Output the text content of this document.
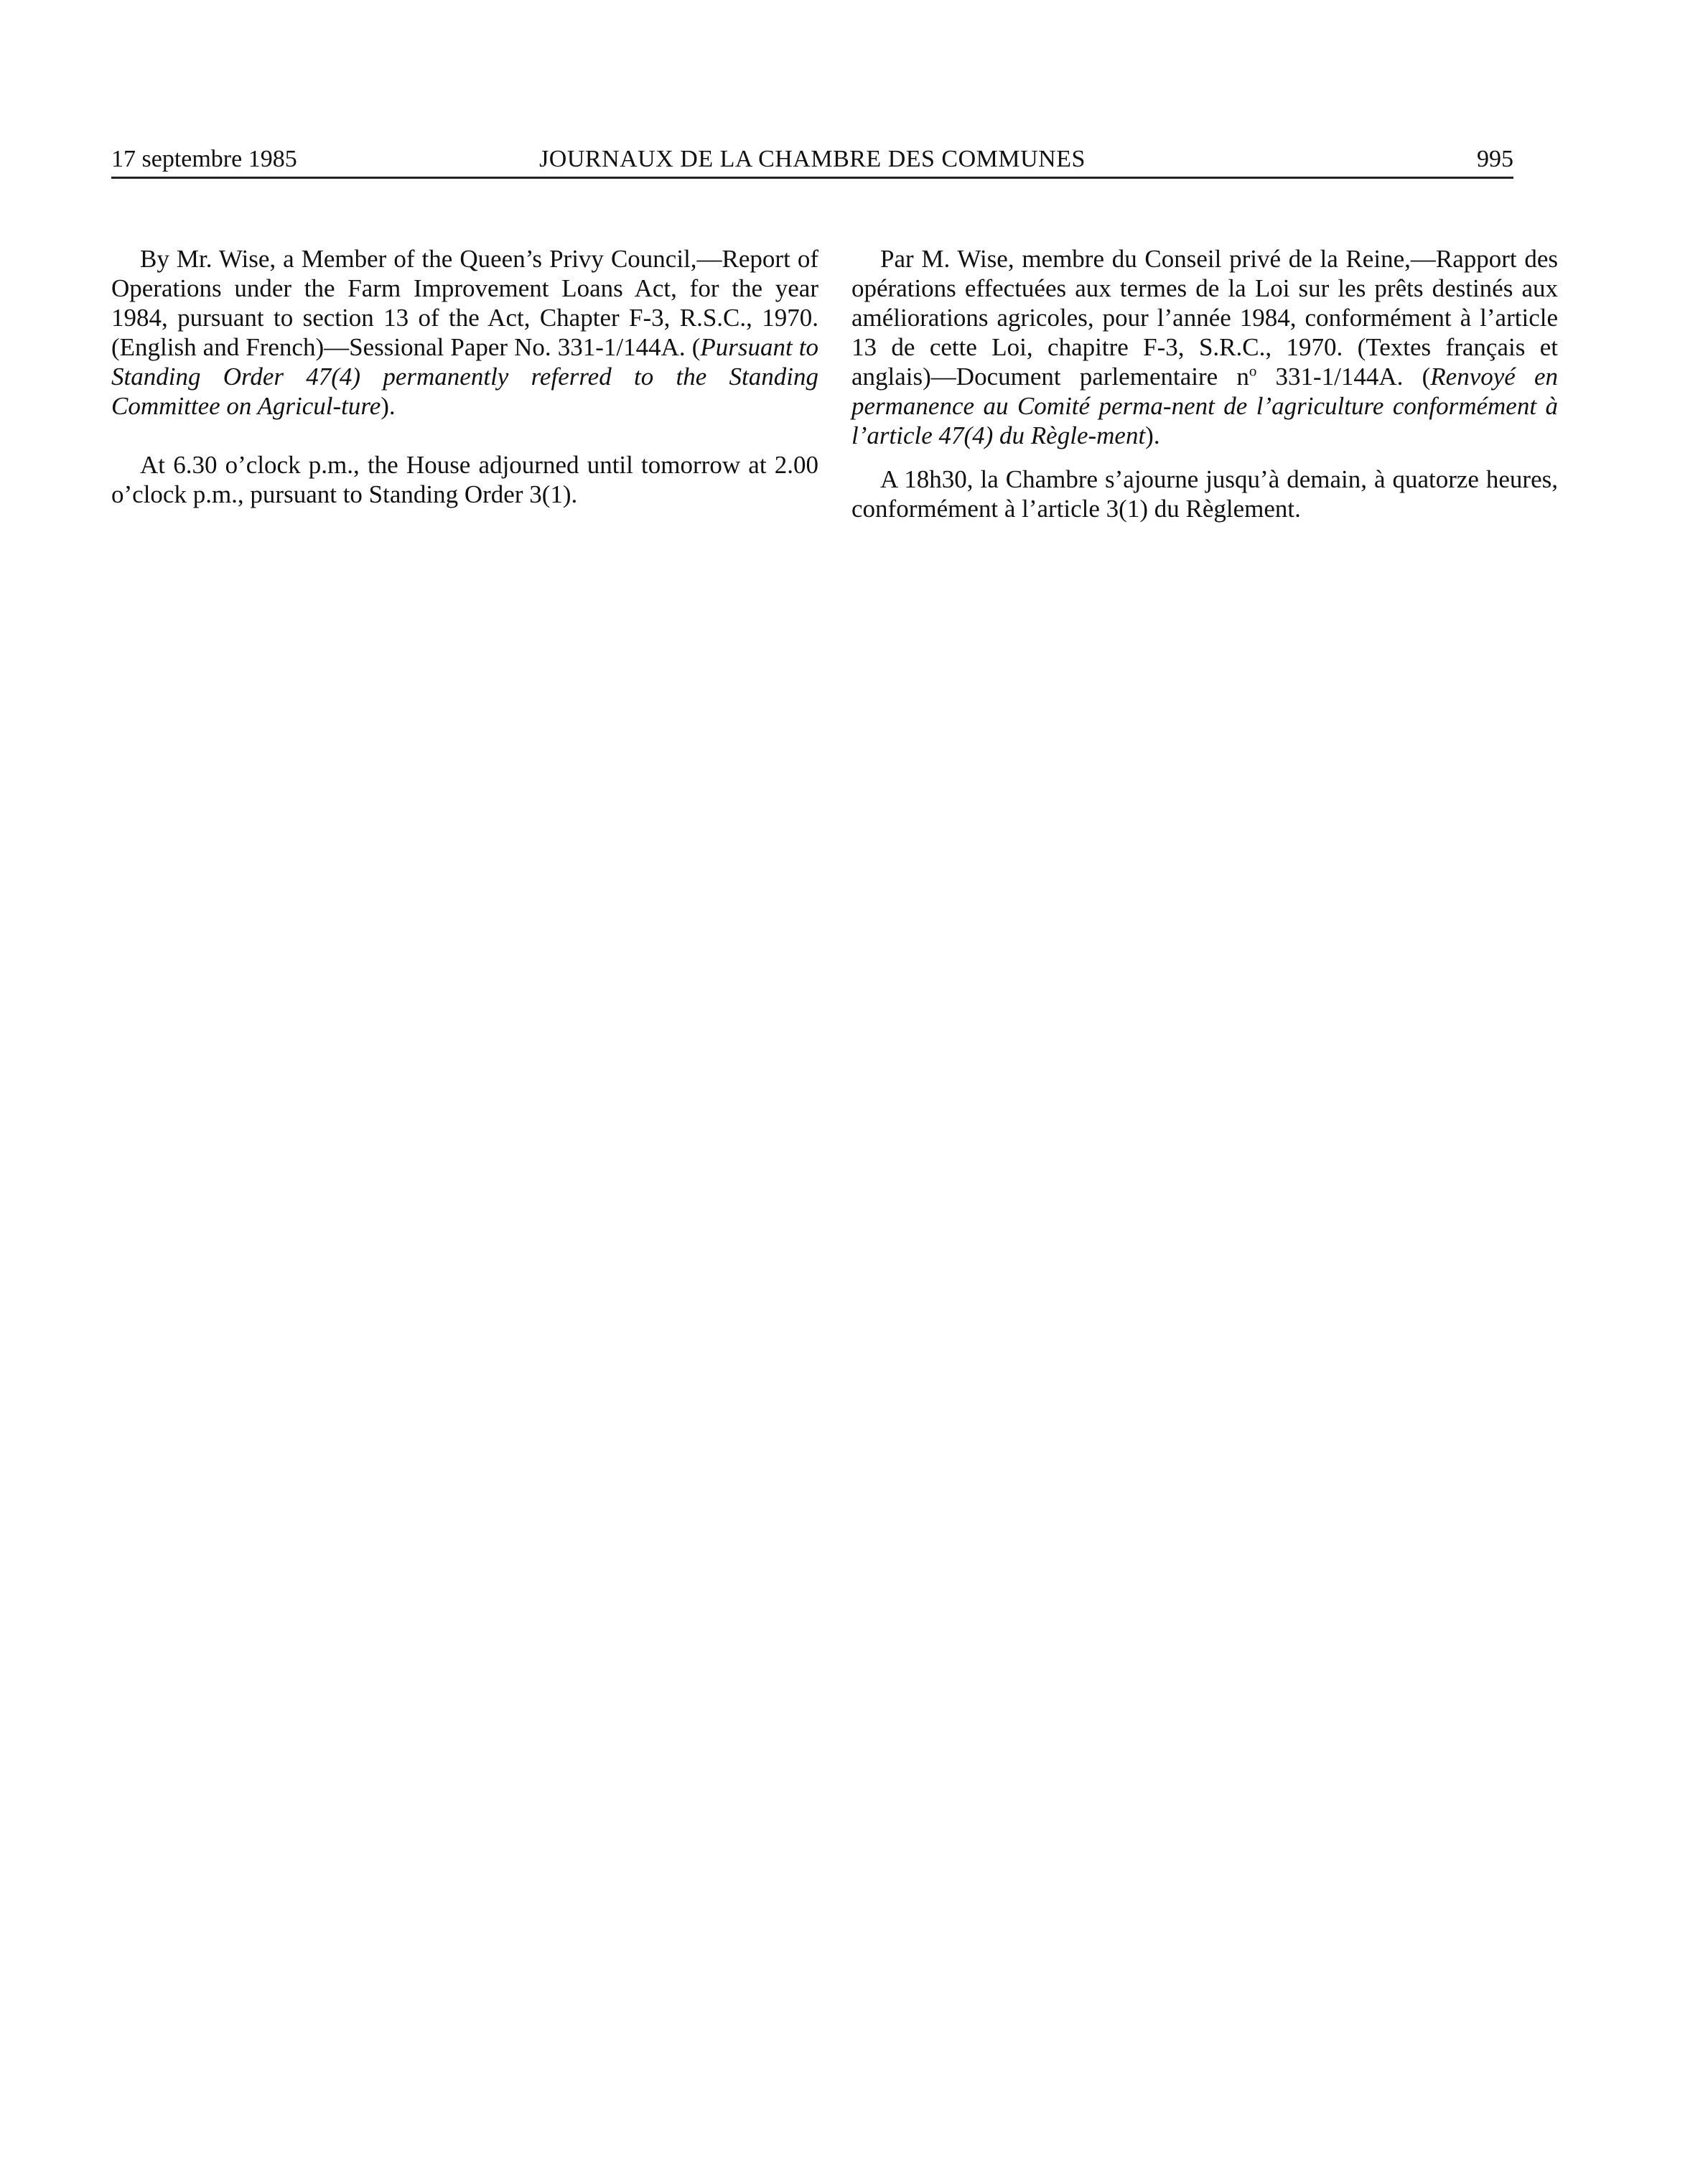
17 septembre 1985	JOURNAUX DE LA CHAMBRE DES COMMUNES	995

By Mr. Wise, a Member of the Queen’s Privy Council,—Report of Operations under the Farm Improvement Loans Act, for the year 1984, pursuant to section 13 of the Act, Chapter F-3, R.S.C., 1970. (English and French)—Sessional Paper No. 331-1/144A. (Pursuant to Standing Order 47(4) permanently referred to the Standing Committee on Agricul-ture).

At 6.30 o’clock p.m., the House adjourned until tomorrow at 2.00 o’clock p.m., pursuant to Standing Order 3(1).

Par M. Wise, membre du Conseil privé de la Reine,—Rapport des opérations effectuées aux termes de la Loi sur les prêts destinés aux améliorations agricoles, pour l’année 1984, conformément à l’article 13 de cette Loi, chapitre F-3, S.R.C., 1970. (Textes français et anglais)—Document parlementaire $n^o$ 331-1/144A. (Renvoyé en permanence au Comité perma-nent de l’agriculture conformément à l’article 47(4) du Règle-ment).

A 18h30, la Chambre s’ajourne jusqu’à demain, à quatorze heures, conformément à l’article 3(1) du Règlement.
